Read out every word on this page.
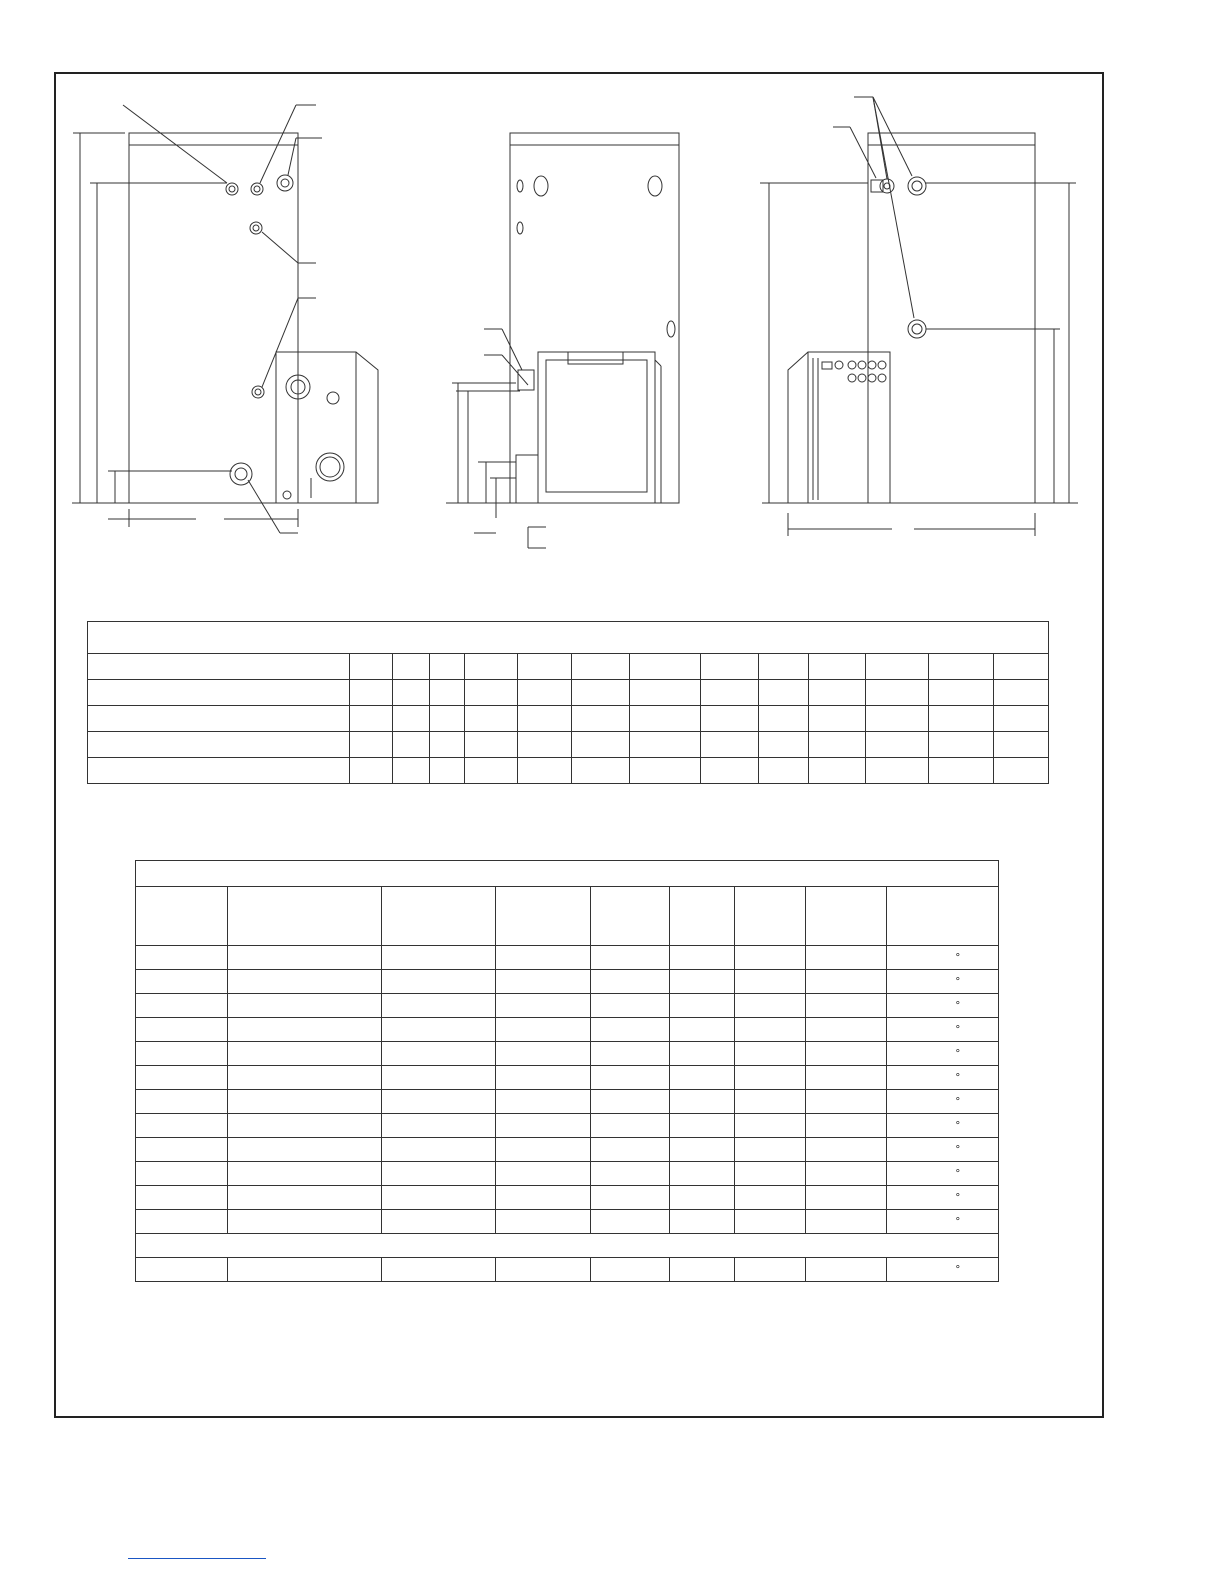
								°
								°
								°
								°
								°
								°
								°
								°
								°
								°
								°
								°

								°
